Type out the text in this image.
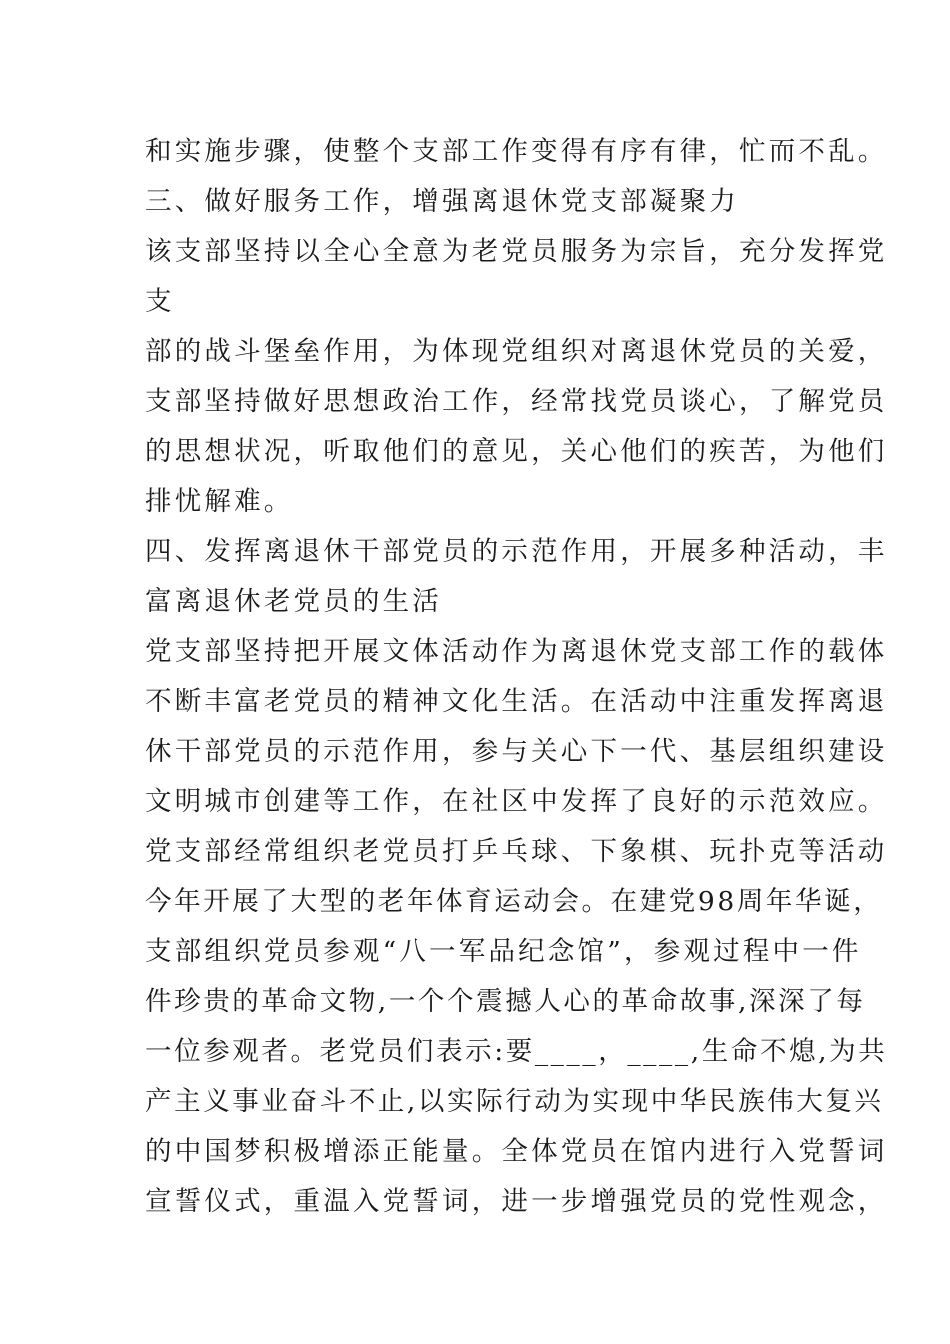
和实施步骤，使整个支部工作变得有序有律，忙而不乱。
三、做好服务工作，增强离退休党支部凝聚力
该支部坚持以全心全意为老党员服务为宗旨，充分发挥党
支
部的战斗堡垒作用，为体现党组织对离退休党员的关爱，
支部坚持做好思想政治工作，经常找党员谈心，了解党员
的思想状况，听取他们的意见，关心他们的疾苦，为他们
排忧解难。
四、发挥离退休干部党员的示范作用，开展多种活动，丰
富离退休老党员的生活
党支部坚持把开展文体活动作为离退休党支部工作的载体
不断丰富老党员的精神文化生活。在活动中注重发挥离退
休干部党员的示范作用，参与关心下一代、基层组织建设
文明城市创建等工作，在社区中发挥了良好的示范效应。
党支部经常组织老党员打乒乓球、下象棋、玩扑克等活动
今年开展了大型的老年体育运动会。在建党98周年华诞，
支部组织党员参观“八一军品纪念馆”，参观过程中一件
件珍贵的革命文物,一个个震撼人心的革命故事,深深了每
一位参观者。老党员们表示:要____，____,生命不熄,为共
产主义事业奋斗不止,以实际行动为实现中华民族伟大复兴
的中国梦积极增添正能量。全体党员在馆内进行入党誓词
宣誓仪式，重温入党誓词，进一步增强党员的党性观念，
